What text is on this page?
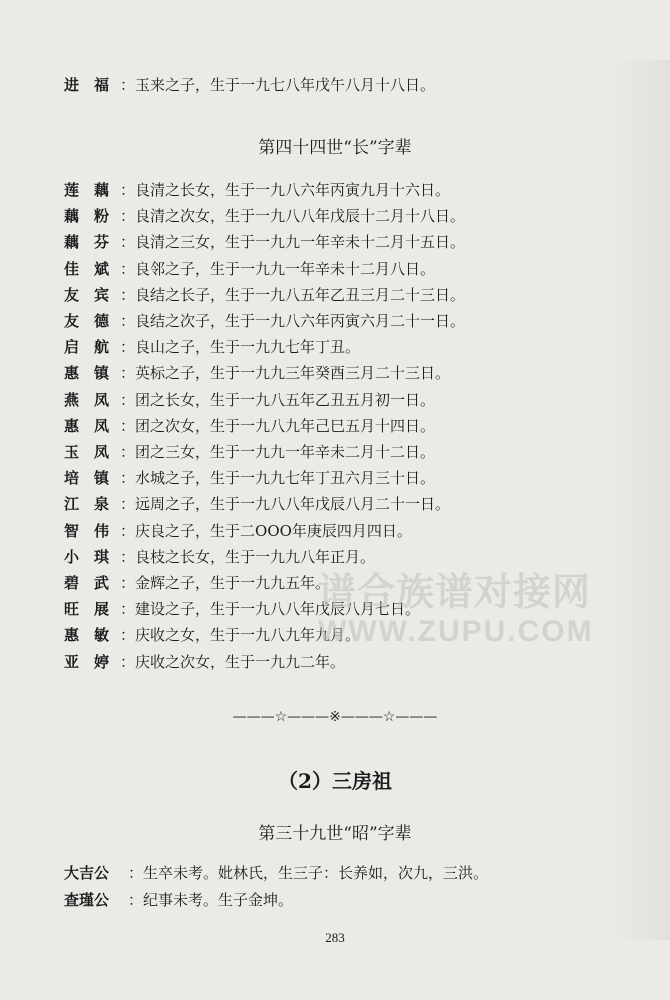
进　福 ：玉来之子，生于一九七八年戊午八月十八日。
第四十四世“长”字辈
莲　藕 ：良清之长女，生于一九八六年丙寅九月十六日。
藕　粉 ：良清之次女，生于一九八八年戊辰十二月十八日。
藕　芬 ：良清之三女，生于一九九一年辛未十二月十五日。
佳　斌 ：良邻之子，生于一九九一年辛未十二月八日。
友　宾 ：良结之长子，生于一九八五年乙丑三月二十三日。
友　德 ：良结之次子，生于一九八六年丙寅六月二十一日。
启　航 ：良山之子，生于一九九七年丁丑。
惠　镇 ：英标之子，生于一九九三年癸酉三月二十三日。
燕　凤 ：团之长女，生于一九八五年乙丑五月初一日。
惠　凤 ：团之次女，生于一九八九年己巳五月十四日。
玉　凤 ：团之三女，生于一九九一年辛未二月十二日。
培　镇 ：水城之子，生于一九九七年丁丑六月三十日。
江　泉 ：远周之子，生于一九八八年戊辰八月二十一日。
智　伟 ：庆良之子，生于二OOO年庚辰四月四日。
小　琪 ：良枝之长女，生于一九九八年正月。
碧　武 ：金辉之子，生于一九九五年。
旺　展 ：建设之子，生于一九八八年戊辰八月七日。
惠　敏 ：庆收之女，生于一九八九年九月。
亚　婷 ：庆收之次女，生于一九九二年。
———☆———※———☆———
（2）三房祖
第三十九世“昭”字辈
大吉公 ：生卒未考。妣林氏，生三子：长养如，次九，三洪。
查瑾公 ：纪事未考。生子金坤。
283
谱合族谱对接网
WWW.ZUPU.COM
